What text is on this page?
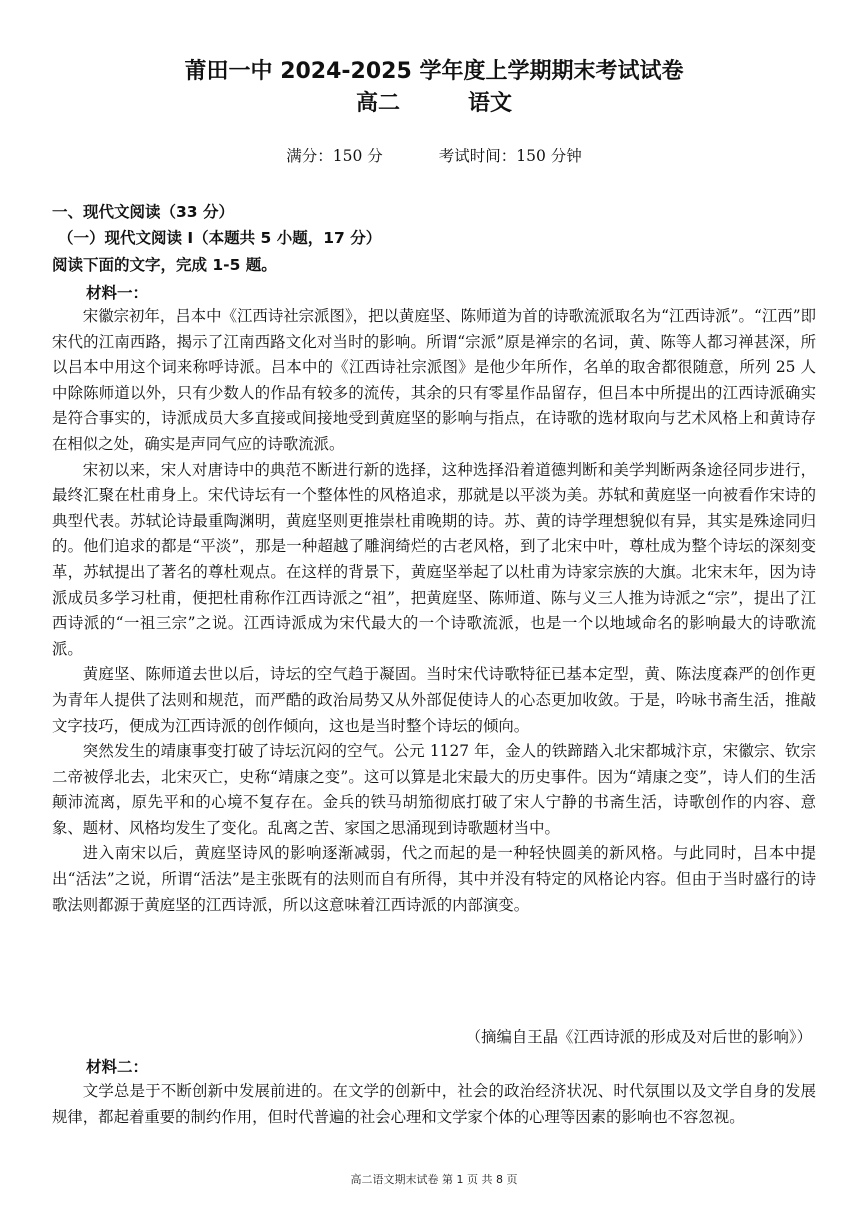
莆田一中 2024-2025 学年度上学期期末考试试卷
高二	语文
满分：150 分	考试时间：150 分钟
一、现代文阅读（33 分）
（一）现代文阅读 I（本题共 5 小题，17 分）
阅读下面的文字，完成 1-5 题。
材料一：

宋徽宗初年，吕本中《江西诗社宗派图》，把以黄庭坚、陈师道为首的诗歌流派取名为“江西诗派”。“江西”即宋代的江南西路，揭示了江南西路文化对当时的影响。所谓“宗派”原是禅宗的名词，黄、陈等人都习禅甚深，所以吕本中用这个词来称呼诗派。吕本中的《江西诗社宗派图》是他少年所作，名单的取舍都很随意，所列 25 人中除陈师道以外，只有少数人的作品有较多的流传，其余的只有零星作品留存，但吕本中所提出的江西诗派确实是符合事实的，诗派成员大多直接或间接地受到黄庭坚的影响与指点，在诗歌的选材取向与艺术风格上和黄诗存在相似之处，确实是声同气应的诗歌流派。

宋初以来，宋人对唐诗中的典范不断进行新的选择，这种选择沿着道德判断和美学判断两条途径同步进行，最终汇聚在杜甫身上。宋代诗坛有一个整体性的风格追求，那就是以平淡为美。苏轼和黄庭坚一向被看作宋诗的典型代表。苏轼论诗最重陶渊明，黄庭坚则更推崇杜甫晚期的诗。苏、黄的诗学理想貌似有异，其实是殊途同归的。他们追求的都是“平淡”，那是一种超越了雕润绮烂的古老风格，到了北宋中叶，尊杜成为整个诗坛的深刻变革，苏轼提出了著名的尊杜观点。在这样的背景下，黄庭坚举起了以杜甫为诗家宗族的大旗。北宋末年，因为诗派成员多学习杜甫，便把杜甫称作江西诗派之“祖”，把黄庭坚、陈师道、陈与义三人推为诗派之“宗”，提出了江西诗派的“一祖三宗”之说。江西诗派成为宋代最大的一个诗歌流派，也是一个以地域命名的影响最大的诗歌流派。

黄庭坚、陈师道去世以后，诗坛的空气趋于凝固。当时宋代诗歌特征已基本定型，黄、陈法度森严的创作更为青年人提供了法则和规范，而严酷的政治局势又从外部促使诗人的心态更加收敛。于是，吟咏书斋生活，推敲文字技巧，便成为江西诗派的创作倾向，这也是当时整个诗坛的倾向。

突然发生的靖康事变打破了诗坛沉闷的空气。公元 1127 年，金人的铁蹄踏入北宋都城汴京，宋徽宗、钦宗二帝被俘北去，北宋灭亡，史称“靖康之变”。这可以算是北宋最大的历史事件。因为“靖康之变”，诗人们的生活颠沛流离，原先平和的心境不复存在。金兵的铁马胡笳彻底打破了宋人宁静的书斋生活，诗歌创作的内容、意象、题材、风格均发生了变化。乱离之苦、家国之思涌现到诗歌题材当中。

进入南宋以后，黄庭坚诗风的影响逐渐减弱，代之而起的是一种轻快圆美的新风格。与此同时，吕本中提出“活法”之说，所谓“活法”是主张既有的法则而自有所得，其中并没有特定的风格论内容。但由于当时盛行的诗歌法则都源于黄庭坚的江西诗派，所以这意味着江西诗派的内部演变。

（摘编自王晶《江西诗派的形成及对后世的影响》）
材料二：

文学总是于不断创新中发展前进的。在文学的创新中，社会的政治经济状况、时代氛围以及文学自身的发展规律，都起着重要的制约作用，但时代普遍的社会心理和文学家个体的心理等因素的影响也不容忽视。

高二语文期末试卷 第 1 页 共 8 页
